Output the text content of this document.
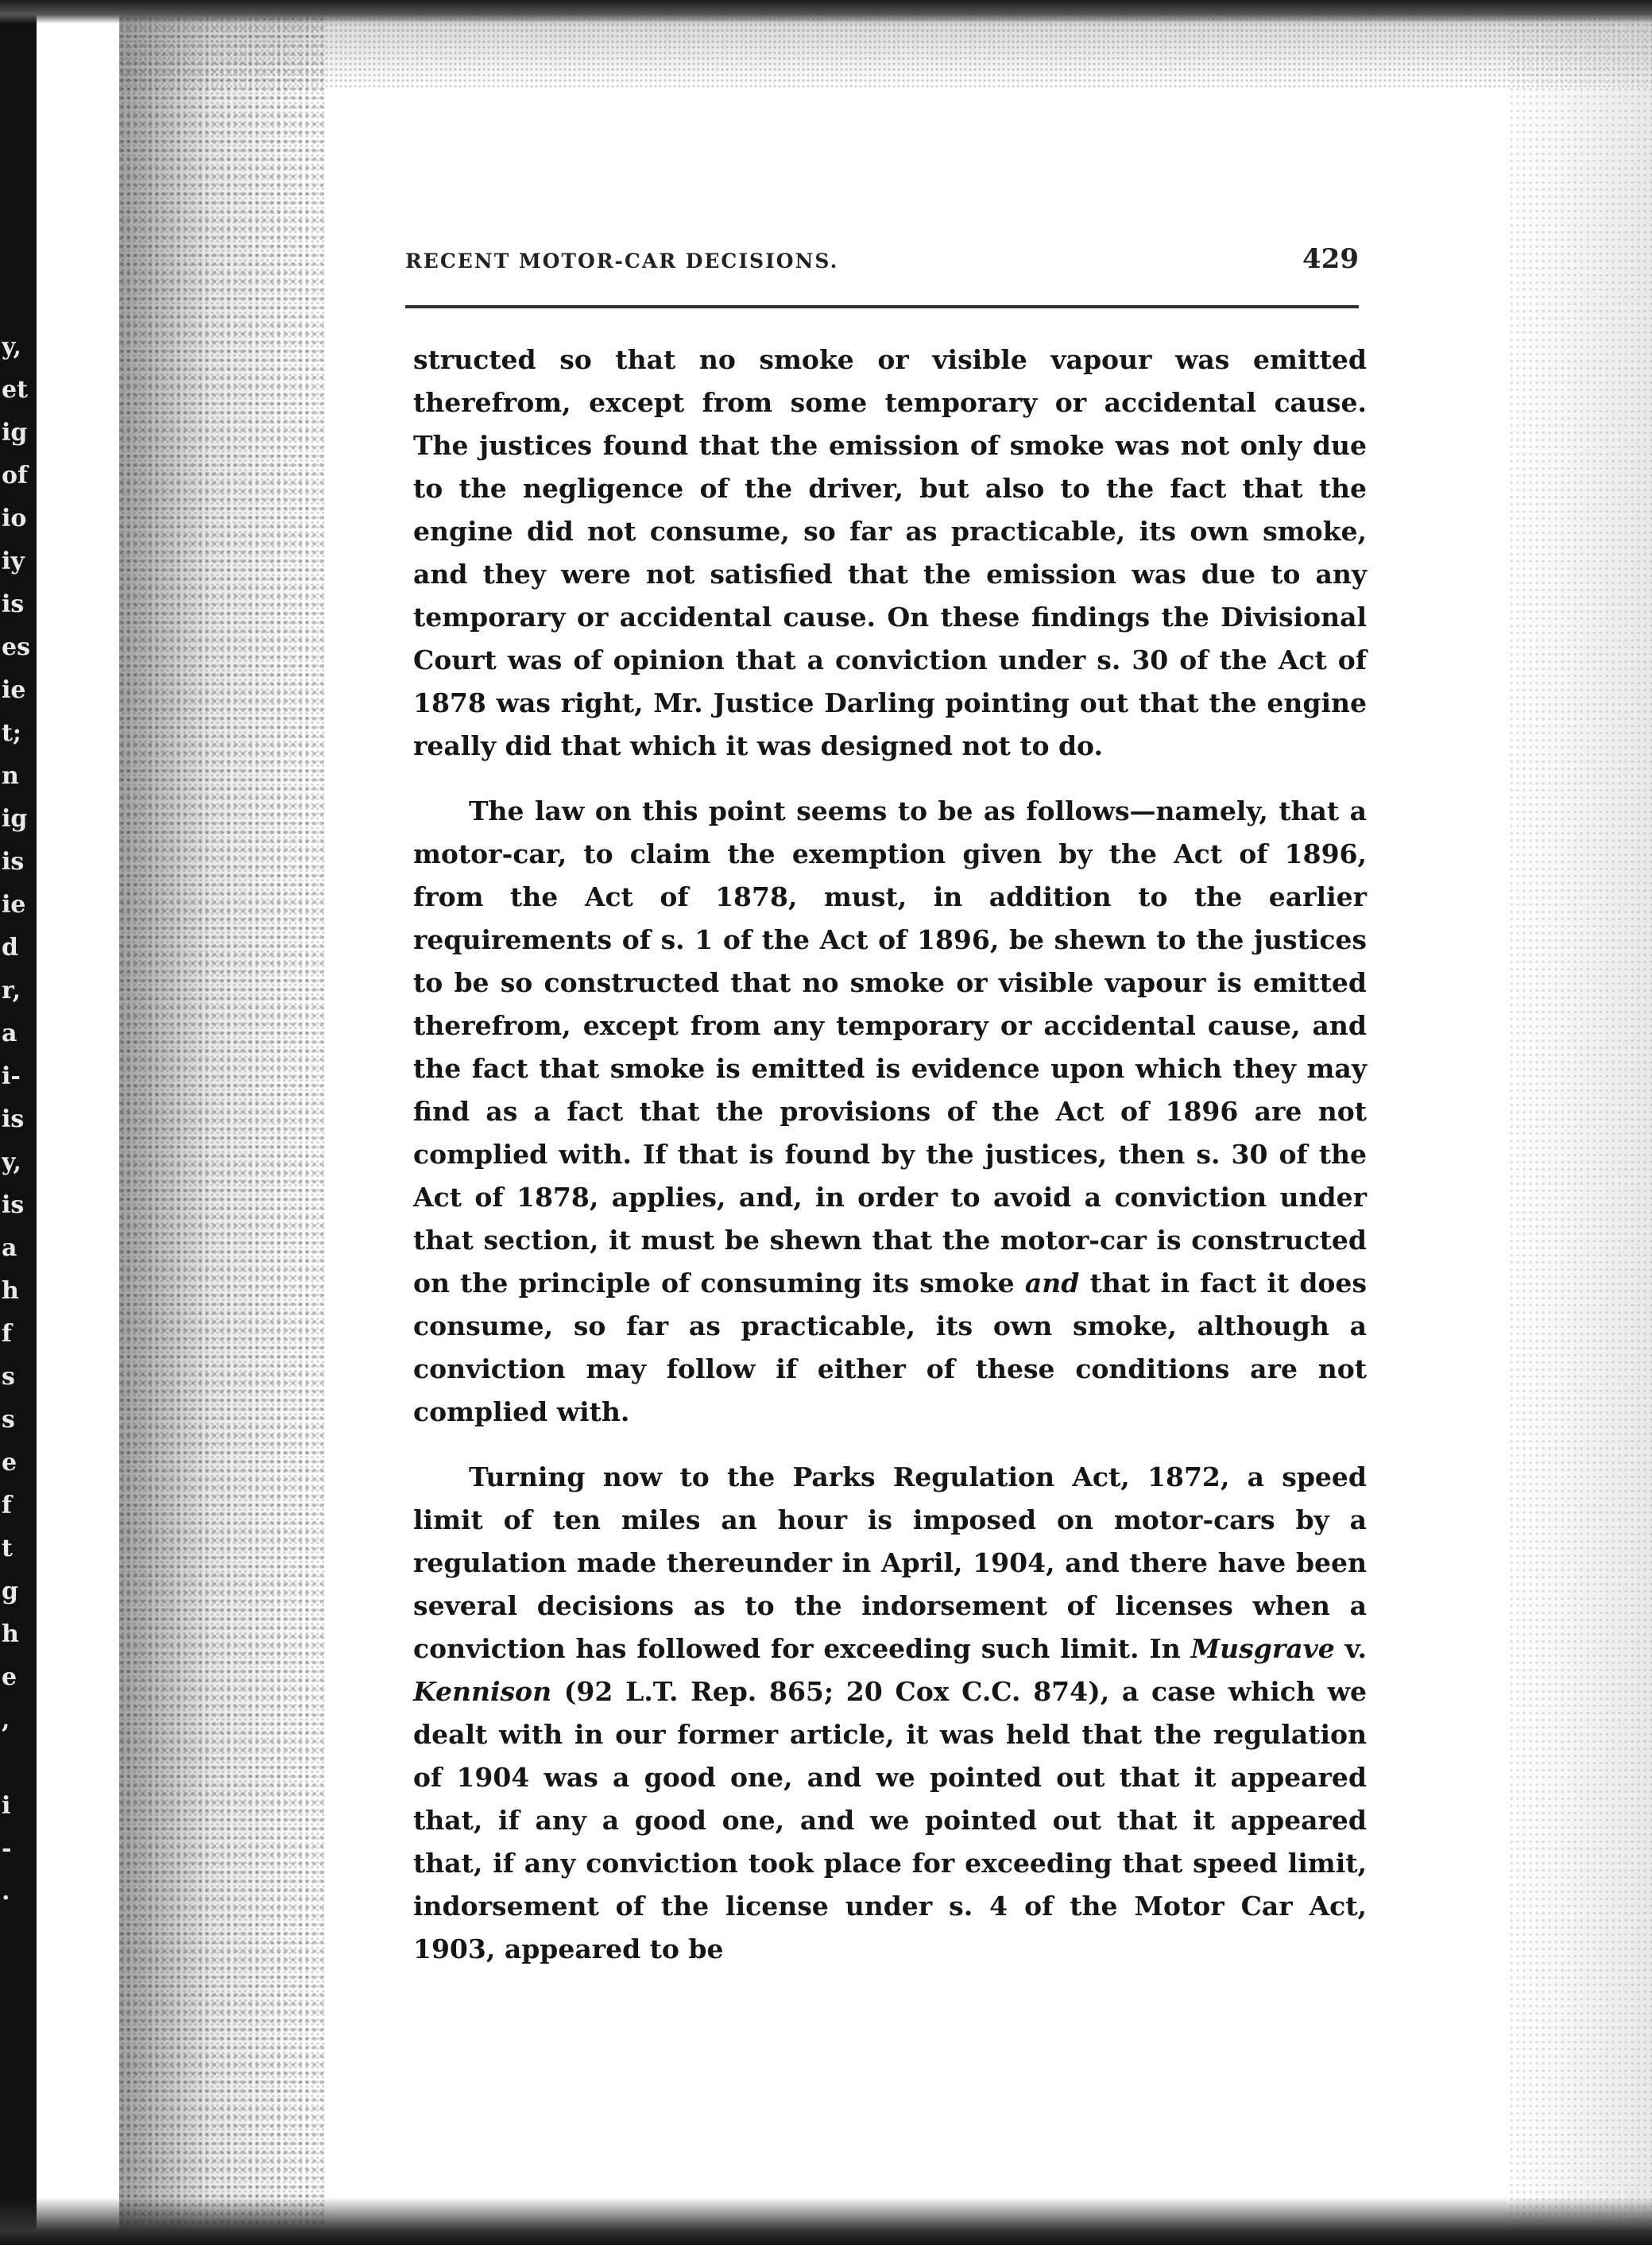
y,
et
ig
of
io
iy
is
es
ie
t;
n
ig
is
ie
d
r,
a
i-
is
y,
is
a
h
f
s
s
e
f
t
g
h
e
,
i
-
.
RECENT MOTOR-CAR DECISIONS.	429

structed so that no smoke or visible vapour was emitted therefrom, except from some temporary or accidental cause. The justices found that the emission of smoke was not only due to the negligence of the driver, but also to the fact that the engine did not consume, so far as practicable, its own smoke, and they were not satisfied that the emission was due to any temporary or accidental cause. On these findings the Divisional Court was of opinion that a conviction under s. 30 of the Act of 1878 was right, Mr. Justice Darling pointing out that the engine really did that which it was designed not to do.

The law on this point seems to be as follows—namely, that a motor-car, to claim the exemption given by the Act of 1896, from the Act of 1878, must, in addition to the earlier requirements of s. 1 of the Act of 1896, be shewn to the justices to be so constructed that no smoke or visible vapour is emitted therefrom, except from any temporary or accidental cause, and the fact that smoke is emitted is evidence upon which they may find as a fact that the provisions of the Act of 1896 are not complied with. If that is found by the justices, then s. 30 of the Act of 1878, applies, and, in order to avoid a conviction under that section, it must be shewn that the motor-car is constructed on the principle of consuming its smoke and that in fact it does consume, so far as practicable, its own smoke, although a conviction may follow if either of these conditions are not complied with.

Turning now to the Parks Regulation Act, 1872, a speed limit of ten miles an hour is imposed on motor-cars by a regulation made thereunder in April, 1904, and there have been several decisions as to the indorsement of licenses when a conviction has followed for exceeding such limit. In Musgrave v. Kennison (92 L.T. Rep. 865; 20 Cox C.C. 874), a case which we dealt with in our former article, it was held that the regulation of 1904 was a good one, and we pointed out that it appeared that, if any a good one, and we pointed out that it appeared that, if any conviction took place for exceeding that speed limit, indorsement of the license under s. 4 of the Motor Car Act, 1903, appeared to be
